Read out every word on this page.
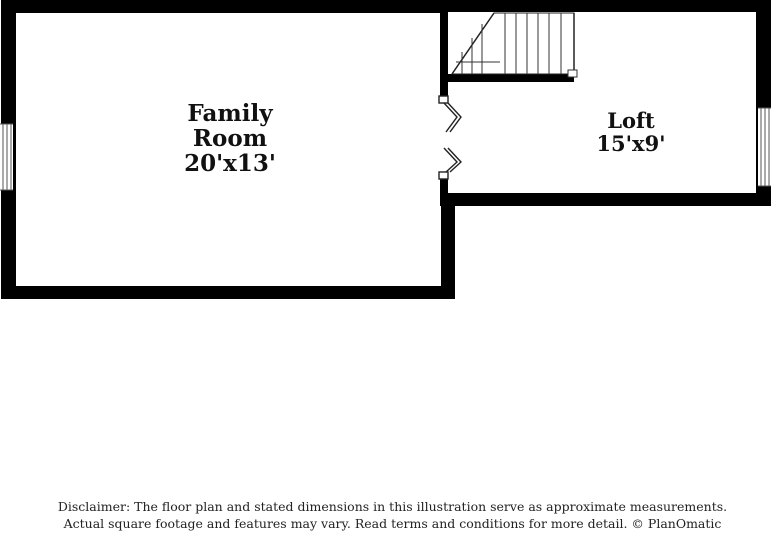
Family
Room
20'x13'
Loft
15'x9'
Disclaimer: The floor plan and stated dimensions in this illustration serve as approximate measurements.
Actual square footage and features may vary. Read terms and conditions for more detail. © PlanOmatic
